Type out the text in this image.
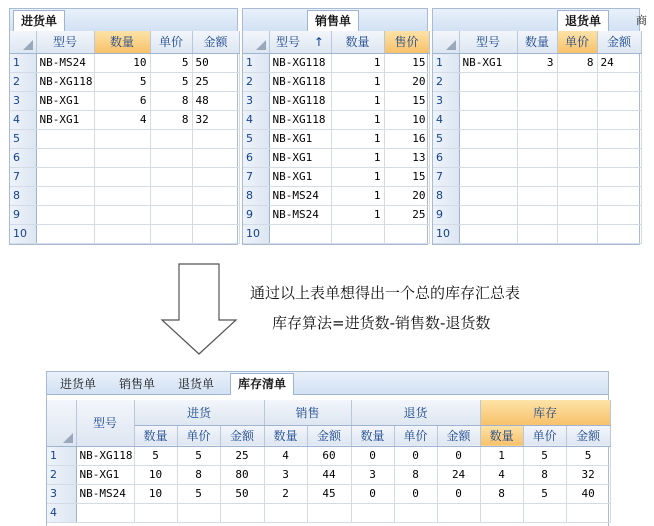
进货单
	型号	数量	单价	金额
1	NB-MS24	10	5	50
2	NB-XG118	5	5	25
3	NB-XG1	6	8	48
4	NB-XG1	4	8	32
5				
6				
7				
8				
9				
10				
销售单
	型号 ↑	数量	售价
1	NB-XG118	1	15
2	NB-XG118	1	20
3	NB-XG118	1	15
4	NB-XG118	1	10
5	NB-XG1	1	16
6	NB-XG1	1	13
7	NB-XG1	1	15
8	NB-MS24	1	20
9	NB-MS24	1	25
10			
退货单	商
	型号	数量	单价	金额
1	NB-XG1	3	8	24
2				
3				
4				
5				
6				
7				
8				
9				
10				
通过以上表单想得出一个总的库存汇总表
库存算法=进货数-销售数-退货数
进货单	销售单	退货单	库存清单
	型号	进货			销售		退货			库存		
		数量	单价	金额	数量	金额	数量	单价	金额	数量	单价	金额
1	NB-XG118	5	5	25	4	60	0	0	0	1	5	5
2	NB-XG1	10	8	80	3	44	3	8	24	4	8	32
3	NB-MS24	10	5	50	2	45	0	0	0	8	5	40
4												
